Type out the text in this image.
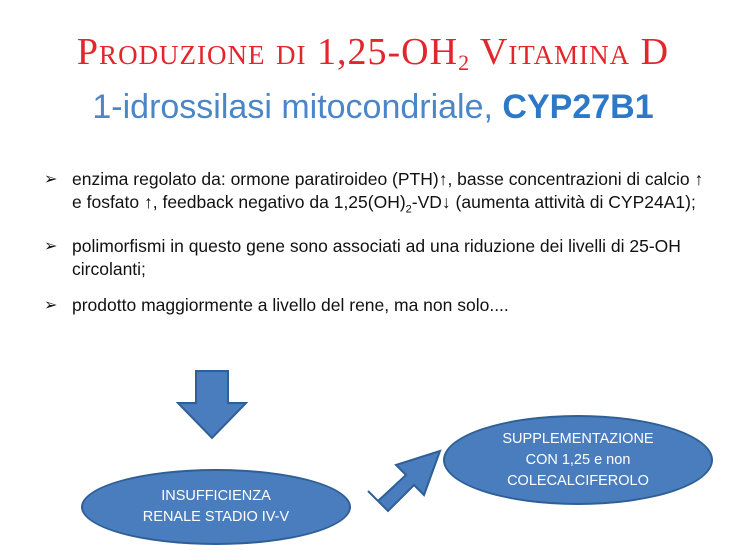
Produzione di $1,25-OH_2$ Vitamina D
1-idrossilasi mitocondriale, CYP27B1
➢ enzima regolato da: ormone paratiroideo (PTH)↑, basse concentrazioni di calcio ↑ e fosfato ↑, feedback negativo da $1,25(OH)_2-VD↓$ (aumenta attività di CYP24A1);
➢ polimorfismi in questo gene sono associati ad una riduzione dei livelli di 25-OH circolanti;
➢ prodotto maggiormente a livello del rene, ma non solo....
INSUFFICIENZA
RENALE STADIO IV-V
SUPPLEMENTAZIONE
CON 1,25 e non
COLECALCIFEROLO
